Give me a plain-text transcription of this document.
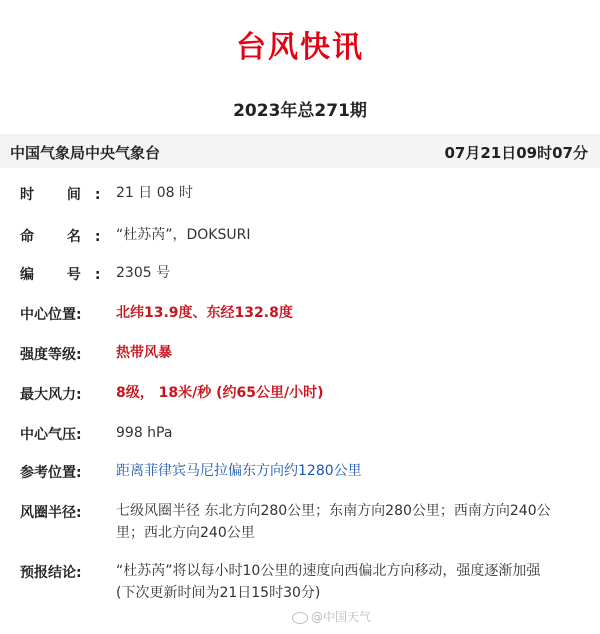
台风快讯
2023年总271期
中国气象局中央气象台	07月21日09时07分
时 间: 21 日 08 时
命 名: “杜苏芮”，DOKSURI
编 号: 2305 号
中心位置: 北纬13.9度、东经132.8度
强度等级: 热带风暴
最大风力: 8级， 18米/秒 (约65公里/小时)
中心气压: 998 hPa
参考位置: 距离菲律宾马尼拉偏东方向约1280公里
风圈半径: 七级风圈半径 东北方向280公里；东南方向280公里；西南方向240公里；西北方向240公里
预报结论: “杜苏芮”将以每小时10公里的速度向西偏北方向移动，强度逐渐加强
(下次更新时间为21日15时30分)
@中国天气
